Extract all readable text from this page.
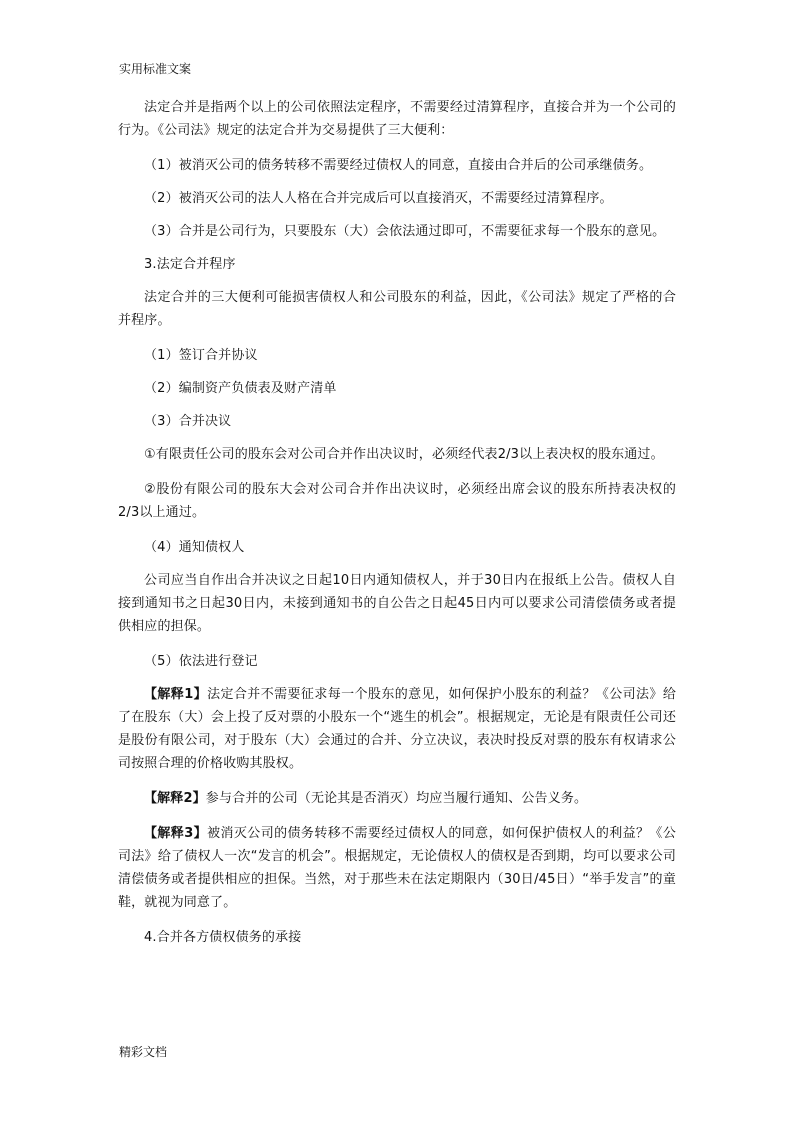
实用标准文案

法定合并是指两个以上的公司依照法定程序，不需要经过清算程序，直接合并为一个公司的行为。《公司法》规定的法定合并为交易提供了三大便利：

（1）被消灭公司的债务转移不需要经过债权人的同意，直接由合并后的公司承继债务。

（2）被消灭公司的法人人格在合并完成后可以直接消灭，不需要经过清算程序。

（3）合并是公司行为，只要股东（大）会依法通过即可，不需要征求每一个股东的意见。

3.法定合并程序

法定合并的三大便利可能损害债权人和公司股东的利益，因此，《公司法》规定了严格的合并程序。

（1）签订合并协议

（2）编制资产负债表及财产清单

（3）合并决议

①有限责任公司的股东会对公司合并作出决议时，必须经代表2/3以上表决权的股东通过。

②股份有限公司的股东大会对公司合并作出决议时，必须经出席会议的股东所持表决权的2/3以上通过。

（4）通知债权人

公司应当自作出合并决议之日起10日内通知债权人，并于30日内在报纸上公告。债权人自接到通知书之日起30日内，未接到通知书的自公告之日起45日内可以要求公司清偿债务或者提供相应的担保。

（5）依法进行登记

【解释1】法定合并不需要征求每一个股东的意见，如何保护小股东的利益？《公司法》给了在股东（大）会上投了反对票的小股东一个“逃生的机会”。根据规定，无论是有限责任公司还是股份有限公司，对于股东（大）会通过的合并、分立决议，表决时投反对票的股东有权请求公司按照合理的价格收购其股权。

【解释2】参与合并的公司（无论其是否消灭）均应当履行通知、公告义务。

【解释3】被消灭公司的债务转移不需要经过债权人的同意，如何保护债权人的利益？《公司法》给了债权人一次“发言的机会”。根据规定，无论债权人的债权是否到期，均可以要求公司清偿债务或者提供相应的担保。当然，对于那些未在法定期限内（30日/45日）“举手发言”的童鞋，就视为同意了。

4.合并各方债权债务的承接

精彩文档
